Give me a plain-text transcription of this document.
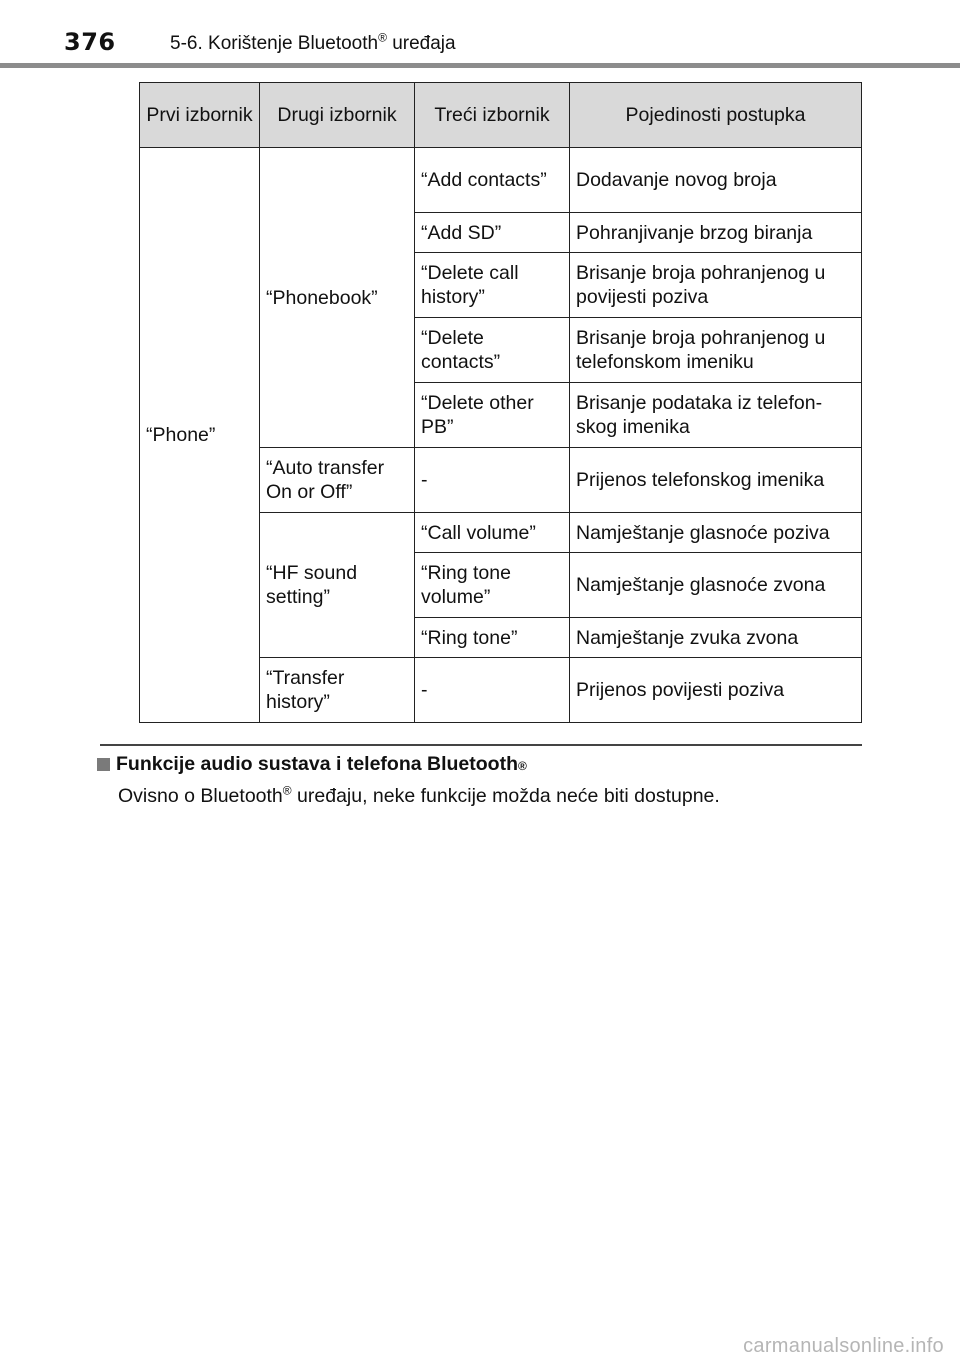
376	5-6. Korištenje Bluetooth® uređaja
Prvi izbornik	Drugi izbornik	Treći izbornik	Pojedinosti postupka
“Phone”	“Phonebook”	“Add contacts”	Dodavanje novog broja
		“Add SD”	Pohranjivanje brzog biranja
		“Delete call history”	Brisanje broja pohranjenog u povijesti poziva
		“Delete contacts”	Brisanje broja pohranjenog u telefonskom imeniku
		“Delete other PB”	Brisanje podataka iz telefon-skog imenika
	“Auto transfer On or Off”	-	Prijenos telefonskog imenika
	“HF sound setting”	“Call volume”	Namještanje glasnoće poziva
		“Ring tone volume”	Namještanje glasnoće zvona
		“Ring tone”	Namještanje zvuka zvona
	“Transfer history”	-	Prijenos povijesti poziva
Funkcije audio sustava i telefona Bluetooth ®
Ovisno o Bluetooth® uređaju, neke funkcije možda neće biti dostupne.
carmanualsonline.info
